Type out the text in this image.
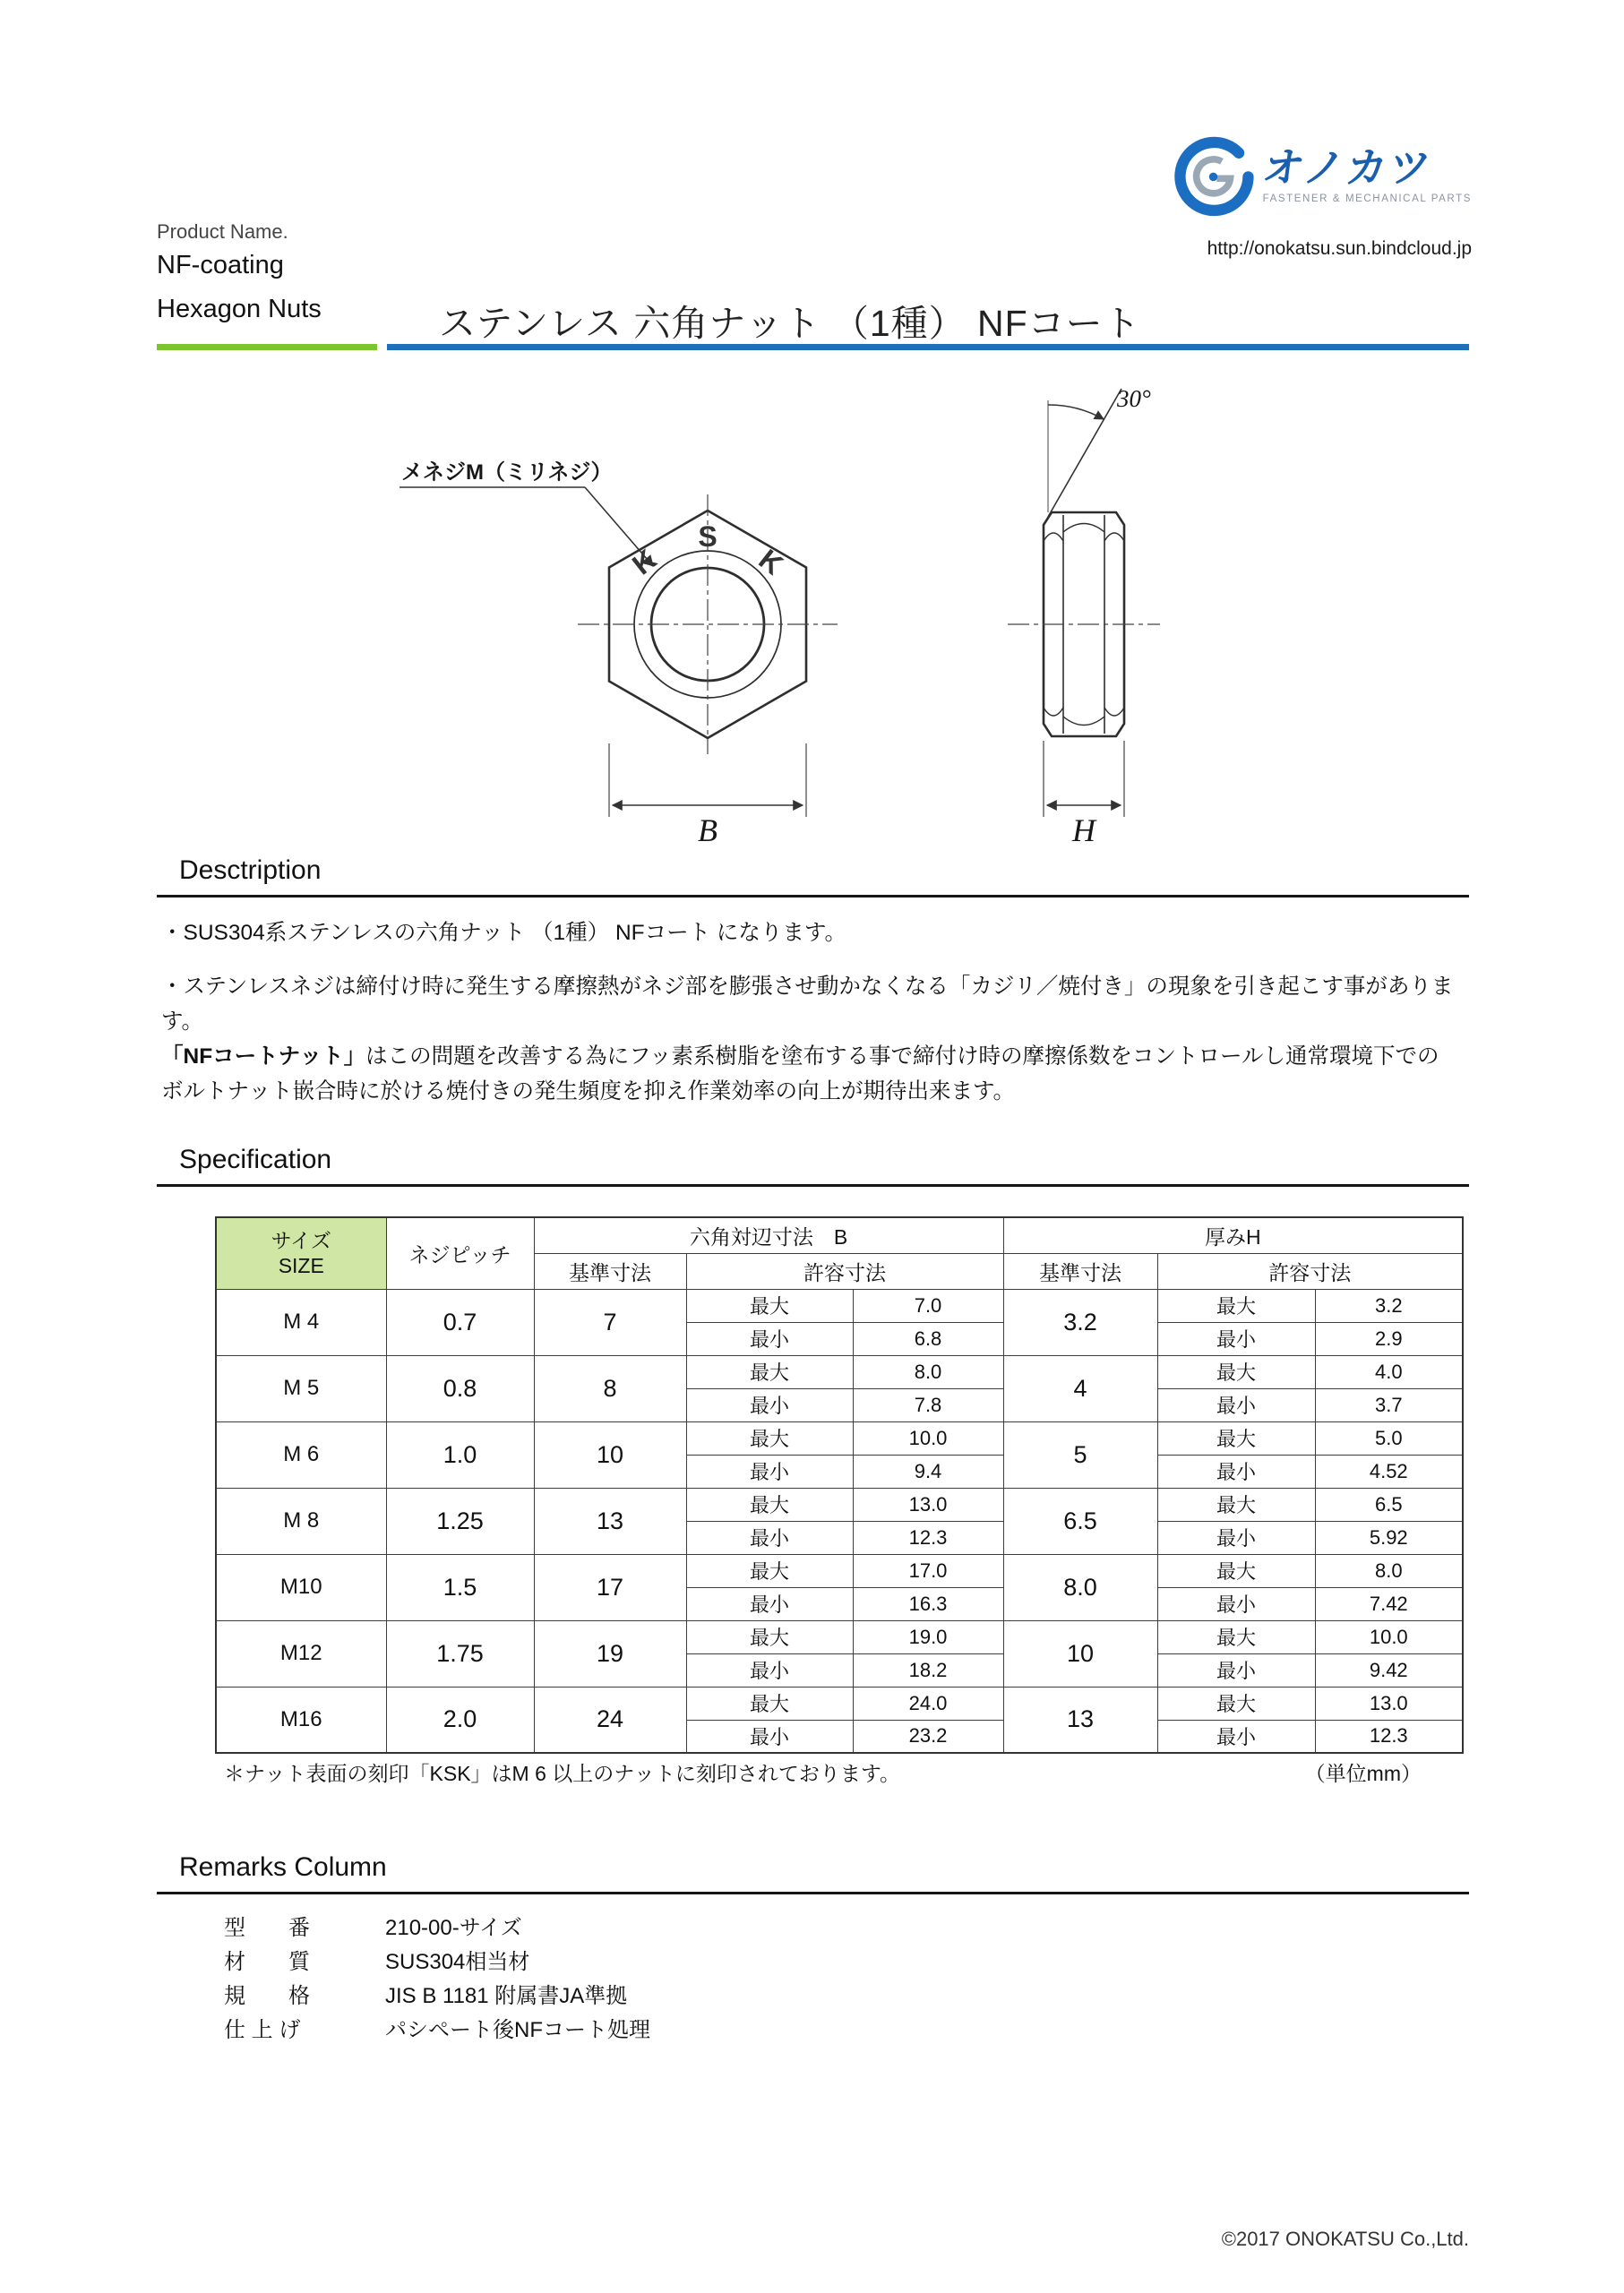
オノカツ
FASTENER & MECHANICAL PARTS
http://onokatsu.sun.bindcloud.jp
Product Name.
NF-coating
Hexagon Nuts	ステンレス 六角ナット （1種） NFコート
メネジM（ミリネジ）
K
S
K
B
30°
H
Desctription
・SUS304系ステンレスの六角ナット （1種） NFコート になります。
・ステンレスネジは締付け時に発生する摩擦熱がネジ部を膨張させ動かなくなる「カジリ／焼付き」の現象を引き起こす事があります。
「NFコートナット」はこの問題を改善する為にフッ素系樹脂を塗布する事で締付け時の摩擦係数をコントロールし通常環境下での
ボルトナット嵌合時に於ける焼付きの発生頻度を抑え作業効率の向上が期待出来ます。
Specification
サイズ
SIZE	ネジピッチ	六角対辺寸法　B			厚みH		
		基準寸法	許容寸法		基準寸法	許容寸法	
M 4	0.7	7	最大	7.0	3.2	最大	3.2
			最小	6.8		最小	2.9
M 5	0.8	8	最大	8.0	4	最大	4.0
			最小	7.8		最小	3.7
M 6	1.0	10	最大	10.0	5	最大	5.0
			最小	9.4		最小	4.52
M 8	1.25	13	最大	13.0	6.5	最大	6.5
			最小	12.3		最小	5.92
M10	1.5	17	最大	17.0	8.0	最大	8.0
			最小	16.3		最小	7.42
M12	1.75	19	最大	19.0	10	最大	10.0
			最小	18.2		最小	9.42
M16	2.0	24	最大	24.0	13	最大	13.0
			最小	23.2		最小	12.3
＊ナット表面の刻印「KSK」はM 6 以上のナットに刻印されております。	（単位mm）
Remarks Column
型　　番	210-00-サイズ
材　　質	SUS304相当材
規　　格	JIS B 1181 附属書JA準拠
仕 上 げ	パシペート後NFコート処理
©2017 ONOKATSU Co.,Ltd.
